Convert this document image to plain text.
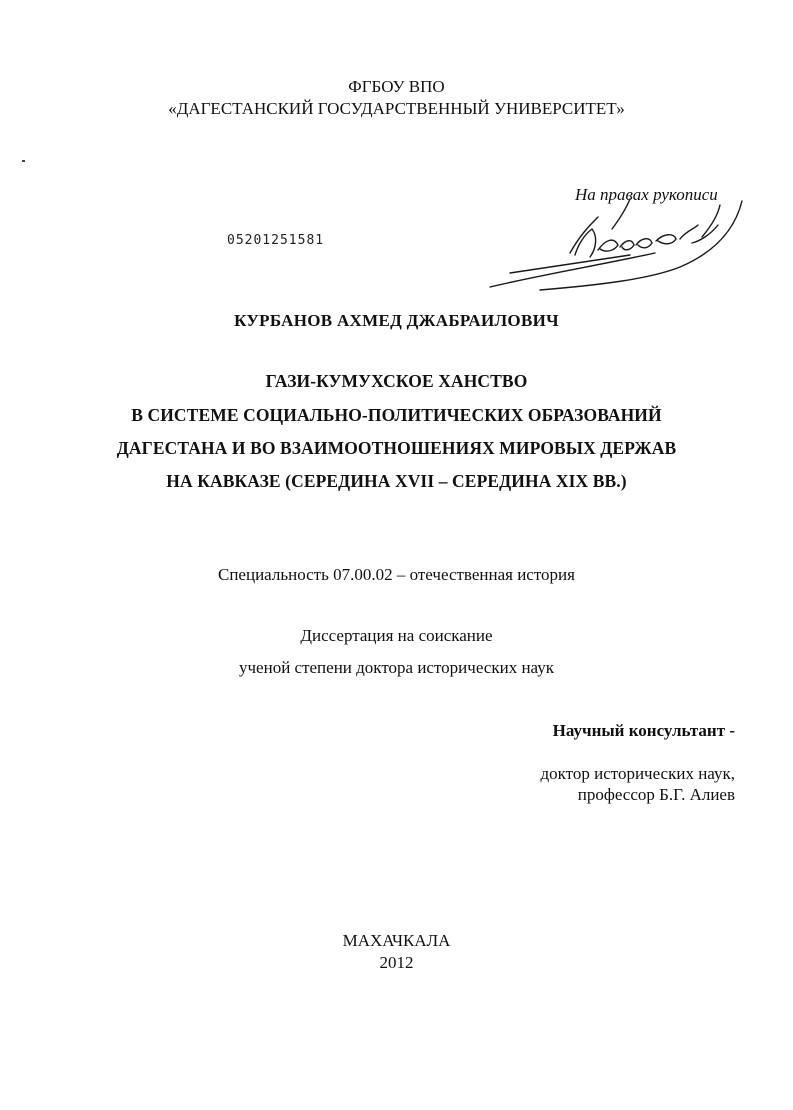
ФГБОУ ВПО
«ДАГЕСТАНСКИЙ ГОСУДАРСТВЕННЫЙ УНИВЕРСИТЕТ»
На правах рукописи
05201251581
КУРБАНОВ АХМЕД ДЖАБРАИЛОВИЧ
ГАЗИ-КУМУХСКОЕ ХАНСТВО
В СИСТЕМЕ СОЦИАЛЬНО-ПОЛИТИЧЕСКИХ ОБРАЗОВАНИЙ
ДАГЕСТАНА И ВО ВЗАИМООТНОШЕНИЯХ МИРОВЫХ ДЕРЖАВ
НА КАВКАЗЕ (СЕРЕДИНА XVII – СЕРЕДИНА XIX ВВ.)
Специальность 07.00.02 – отечественная история
Диссертация на соискание
ученой степени доктора исторических наук
Научный консультант -
доктор исторических наук,
профессор Б.Г. Алиев
МАХАЧКАЛА
2012
